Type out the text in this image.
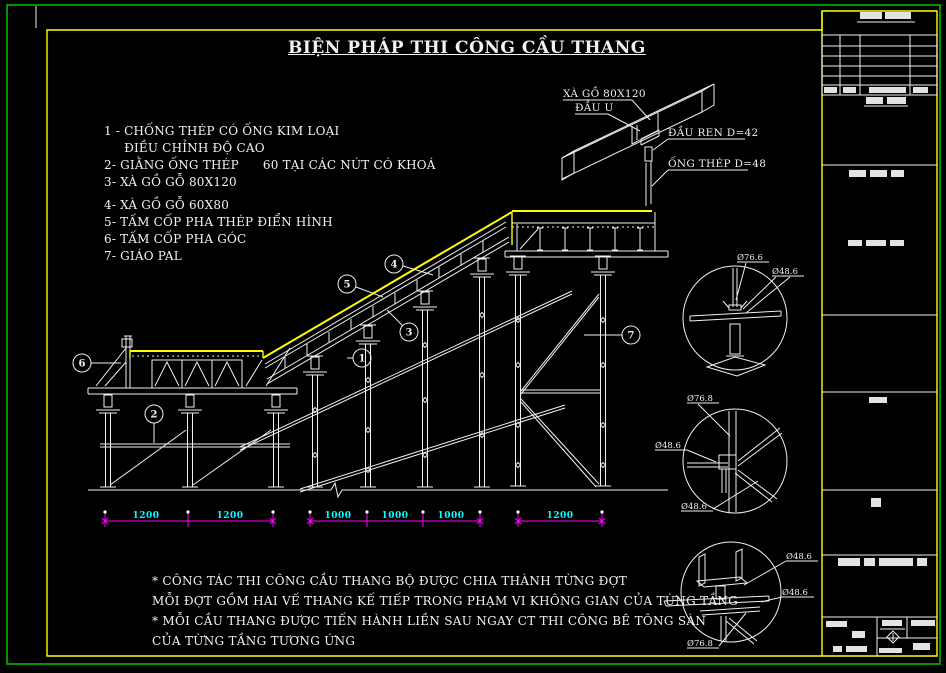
6
2
4
5
3
1
7
1200	1200	1000	1000	1000	1200
XÀ GỒ 80X120
ĐẦU U
ĐẦU REN D=42
ỐNG THÉP D=48
Ø76.6
Ø48.6
Ø76.8
Ø48.6
Ø48.6
Ø48.6
Ø48.6
Ø76.8
BIỆN PHÁP THI CÔNG CẦU THANG
1 - CHỐNG THÉP CÓ ỐNG KIM LOẠI
ĐIỀU CHỈNH ĐỘ CAO
2- GIẰNG ỐNG THÉP      60 TẠI CÁC NÚT CÓ KHOÁ
3- XÀ GỒ GỖ 80X120
4- XÀ GỒ GỖ 60X80
5- TẤM CỐP PHA THÉP ĐIỂN HÌNH
6- TẤM CỐP PHA GÓC
7- GIÁO PAL
* CÔNG TÁC THI CÔNG CẦU THANG BỘ ĐƯỢC CHIA THÀNH TỪNG ĐỢT
MỖI ĐỢT GỒM HAI VẾ THANG KẾ TIẾP TRONG PHẠM VI KHÔNG GIAN CỦA TỪNG TẦNG
* MỖI CẦU THANG ĐƯỢC TIẾN HÀNH LIỀN SAU NGAY CT THI CÔNG BÊ TÔNG SÀN
CỦA TỪNG TẦNG TƯƠNG ỨNG
